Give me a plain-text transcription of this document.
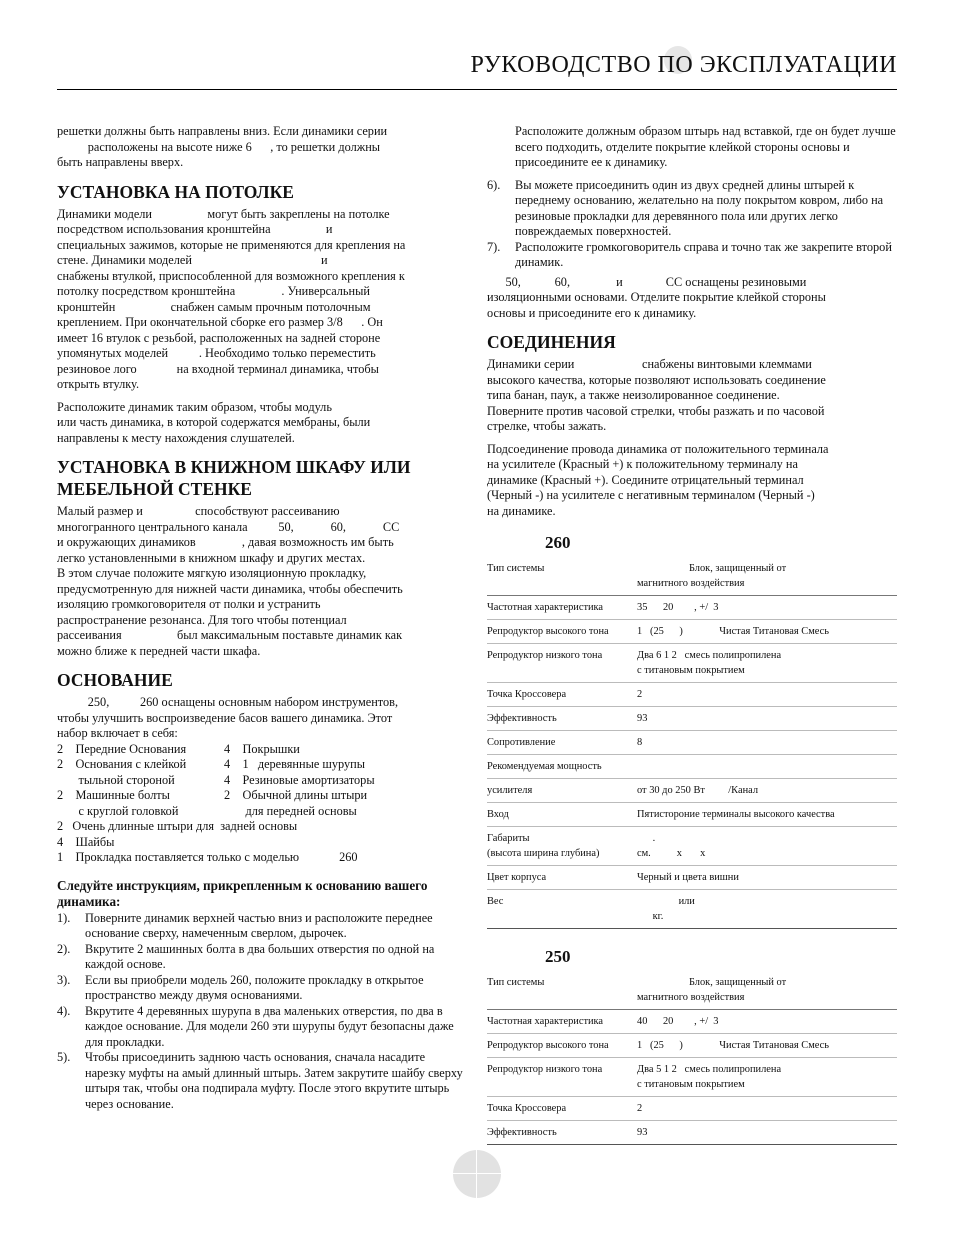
РУКОВОДСТВО ПО ЭКСПЛУАТАЦИИ

решетки должны быть направлены вниз. Если динамики серии
расположены на высоте ниже 6      , то решетки должны
быть направлены вверх.

УСТАНОВКА НА ПОТОЛКЕ

Динамики модели                  могут быть закреплены на потолке
посредством использования кронштейна                  и
специальных зажимов, которые не применяются для крепления на
стене. Динамики моделей                                          и
снабжены втулкой, приспособленной для возможного крепления к
потолку посредством кронштейна               . Универсальный
кронштейн                  снабжен самым прочным потолочным
креплением. При окончательной сборке его размер 3/8      . Он
имеет 16 втулок с резьбой, расположенных на задней стороне
упомянутых моделей          . Необходимо только переместить
резиновое лого             на входной терминал динамика, чтобы
открыть втулку.

Расположите динамик таким образом, чтобы модуль
или часть динамика, в которой содержатся мембраны, были
направлены к месту нахождения слушателей.

УСТАНОВКА В КНИЖНОМ ШКАФУ ИЛИ МЕБЕЛЬНОЙ СТЕНКЕ

Малый размер и                 способствуют рассеиванию
многогранного центрального канала          50,            60,            CC
и окружающих динамиков               , давая возможность им быть
легко установленными в книжном шкафу и других местах.
В этом случае положите мягкую изоляционную прокладку,
предусмотренную для нижней части динамика, чтобы обеспечить
изоляцию громкоговорителя от полки и устранить
распространение резонанса. Для того чтобы потенциал
рассеивания                  был максимальным поставьте динамик как
можно ближе к передней части шкафа.

ОСНОВАНИЕ

250,          260 оснащены основным набором инструментов,
чтобы улучшить воспроизведение басов вашего динамика. Этот
набор включает в себя:

2    Передние Основания	4    Покрышки
2    Основания с клейкой	4    1   деревянные шурупы
тыльной стороной	4    Резиновые амортизаторы
2    Машинные болты	2    Обычной длины штыри
с круглой головкой	для передней основы
2   Очень длинные штыри для  задней основы
4    Шайбы
1    Прокладка поставляется только с моделью             260
Следуйте инструкциям, прикрепленным к основанию вашего динамика:
1).	Поверните динамик верхней частью вниз и расположите переднее основание сверху, намеченным сверлом, дырочек.
2).	Вкрутите 2 машинных болта в два больших отверстия по одной на каждой основе.
3).	Если вы приобрели модель 260, положите прокладку в открытое пространство между двумя основаниями.
4).	Вкрутите 4 деревянных шурупа в два маленьких отверстия, по два в каждое основание. Для модели 260 эти шурупы будут безопасны даже для прокладки.
5).	Чтобы присоединить заднюю часть основания, сначала насадите нарезку муфты на амый длинный штырь. Затем закрутите шайбу сверху штыря так, чтобы она подпирала муфту. После этого вкрутите штырь через основание.

Расположите должным образом штырь над вставкой, где он будет лучше всего подходить, отделите покрытие клейкой стороны основы и присоедините ее к динамику.

6).	Вы можете присоединить один из двух средней длины штырей к переднему основанию, желательно на полу покрытом ковром, либо на резиновые прокладки для деревянного пола или других легко повреждаемых поверхностей.
7).	Расположите громкоговоритель справа и точно так же закрепите второй динамик.

50,           60,               и              CC оснащены резиновыми
изоляционными основами. Отделите покрытие клейкой стороны
основы и присоедините его к динамику.

СОЕДИНЕНИЯ

Динамики серии                      снабжены винтовыми клеммами
высокого качества, которые позволяют использовать соединение
типа банан, паук, а также неизолированное соединение.
Поверните против часовой стрелки, чтобы разжать и по часовой
стрелке, чтобы зажать.

Подсоединение провода динамика от положительного терминала
на усилителе (Красный +) к положительному терминалу на
динамике (Красный +). Соедините отрицательный терминал
(Черный -) на усилителе с негативным терминалом (Черный -)
на динамике.

260
Тип системы	Блок, защищенный от
магнитного воздействия
Частотная характеристика	35      20        , +/  3
Репродуктор высокого тона	1   (25      )              Чистая Титановая Смесь
Репродуктор низкого тона	Два 6 1 2   смесь полипропилена
с титановым покрытием
Точка Кроссовера	2
Эффективность	93
Сопротивление	8
Рекомендуемая мощность	
усилителя	от 30 до 250 Вт         /Канал
Вход	Пятистороние терминалы высокого качества
Габариты
(высота ширина глубина)	.
см.          х       х
Цвет корпуса	Черный и цвета вишни
Вес	или
кг.
250
Тип системы	Блок, защищенный от
магнитного воздействия
Частотная характеристика	40      20        , +/  3
Репродуктор высокого тона	1   (25      )              Чистая Титановая Смесь
Репродуктор низкого тона	Два 5 1 2   смесь полипропилена
с титановым покрытием
Точка Кроссовера	2
Эффективность	93
